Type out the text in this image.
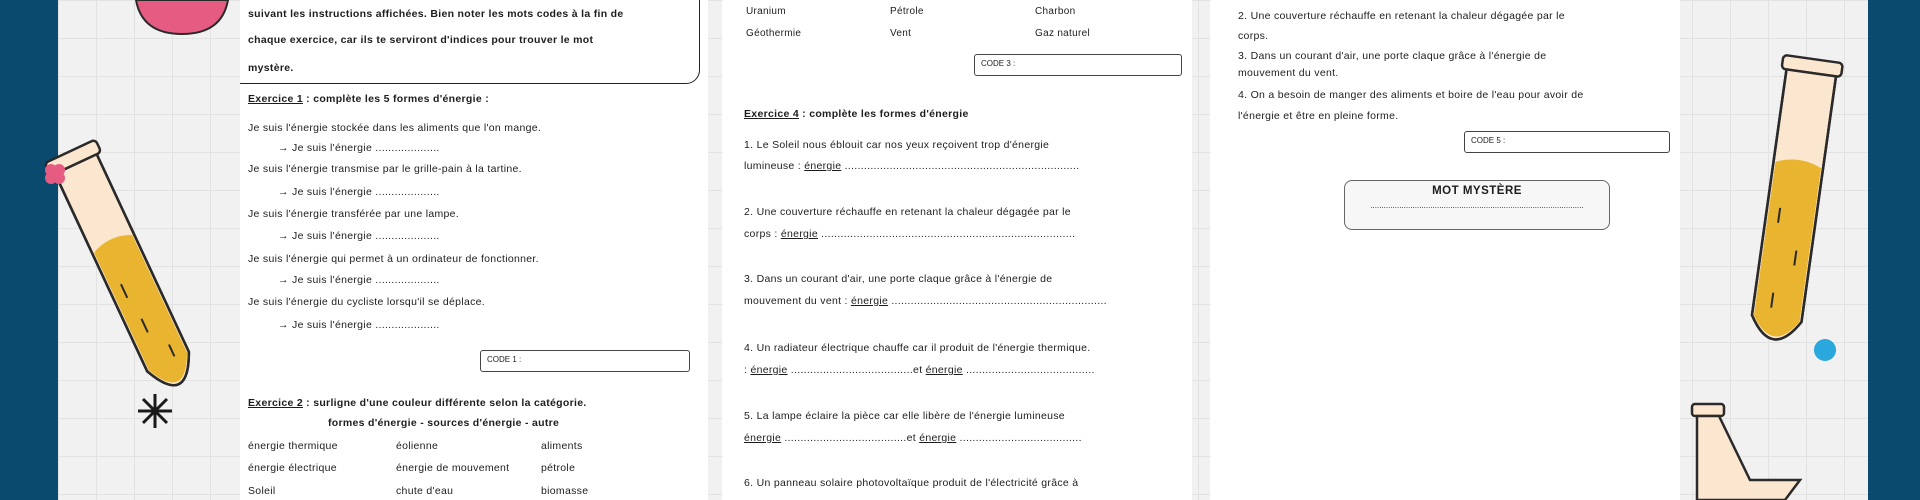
suivant les instructions affichées. Bien noter les mots codes à la fin de
chaque exercice, car ils te serviront d'indices pour trouver le mot
mystère.
Exercice 1 : complète les 5 formes d'énergie :
Je suis l'énergie stockée dans les aliments que l'on mange.
→ Je suis l'énergie ....................
Je suis l'énergie transmise par le grille-pain à la tartine.
→ Je suis l'énergie ....................
Je suis l'énergie transférée par une lampe.
→ Je suis l'énergie ....................
Je suis l'énergie qui permet à un ordinateur de fonctionner.
→ Je suis l'énergie ....................
Je suis l'énergie du cycliste lorsqu'il se déplace.
→ Je suis l'énergie ....................
CODE 1 :
Exercice 2 : surligne d'une couleur différente selon la catégorie.
formes d'énergie - sources d'énergie - autre
énergie thermique	éolienne	aliments
énergie électrique	énergie de mouvement	pétrole
Soleil	chute d'eau	biomasse
Uranium	Pétrole	Charbon
Géothermie	Vent	Gaz naturel
CODE 3 :
Exercice 4 : complète les formes d'énergie
1. Le Soleil nous éblouit car nos yeux reçoivent trop d'énergie
lumineuse : énergie .........................................................................
2. Une couverture réchauffe en retenant la chaleur dégagée par le
corps : énergie ...............................................................................
3. Dans un courant d'air, une porte claque grâce à l'énergie de
mouvement du vent : énergie ...................................................................
4. Un radiateur électrique chauffe car il produit de l'énergie thermique.
: énergie ......................................et énergie ........................................
5. La lampe éclaire la pièce car elle libère de l'énergie lumineuse
énergie ......................................et énergie ......................................
6. Un panneau solaire photovoltaïque produit de l'électricité grâce à
2. Une couverture réchauffe en retenant la chaleur dégagée par le
corps.
3. Dans un courant d'air, une porte claque grâce à l'énergie de
mouvement du vent.
4. On a besoin de manger des aliments et boire de l'eau pour avoir de
l'énergie et être en pleine forme.
CODE 5 :
MOT MYSTÈRE
................................................................................................
